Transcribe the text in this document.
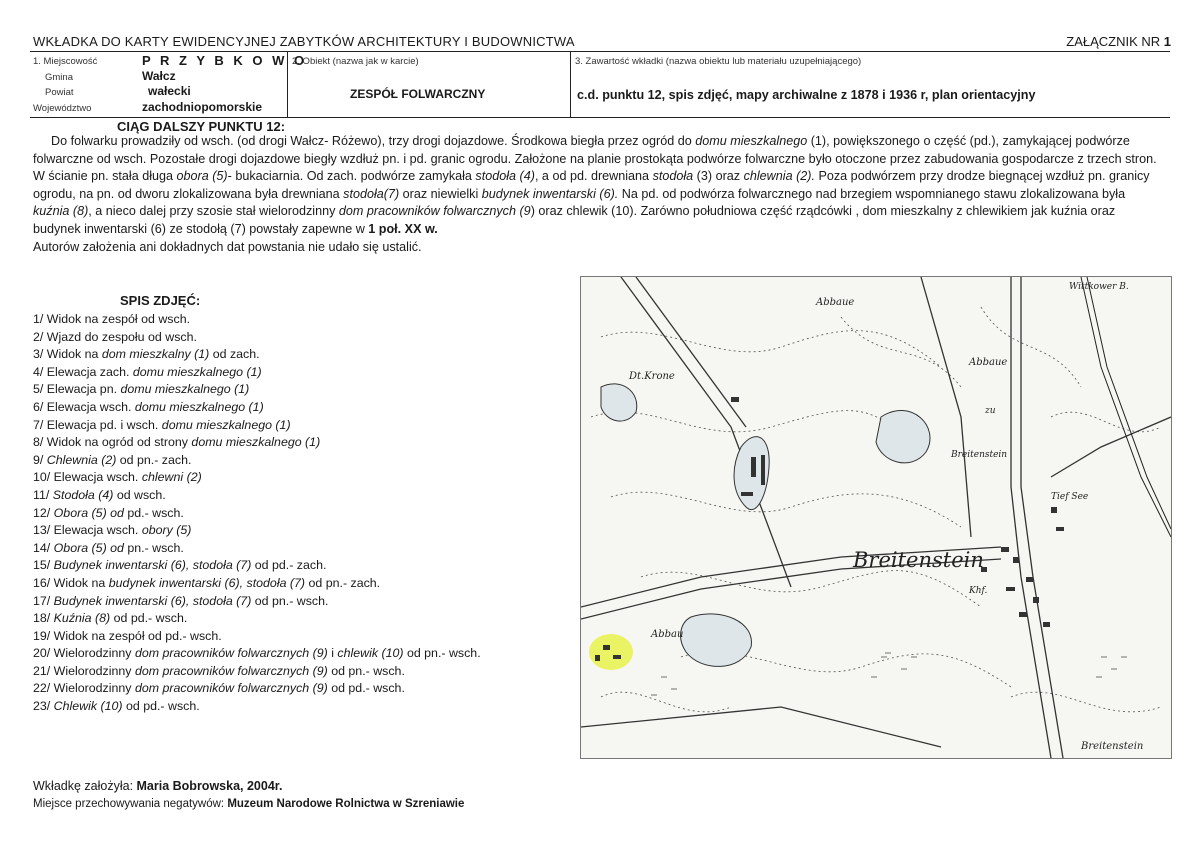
WKŁADKA DO KARTY EWIDENCYJNEJ ZABYTKÓW ARCHITEKTURY I BUDOWNICTWA	ZAŁĄCZNIK NR 1
1. Miejscowość	P R Z Y B K O W O
Gmina	Wałcz
Powiat	wałecki
Województwo	zachodniopomorskie
2. Obiekt (nazwa jak w karcie)
ZESPÓŁ FOLWARCZNY
3. Zawartość wkładki (nazwa obiektu lub materiału uzupełniającego)
c.d. punktu 12, spis zdjęć, mapy archiwalne z 1878 i 1936 r, plan orientacyjny
CIĄG DALSZY PUNKTU 12:
Do folwarku prowadziły od wsch. (od drogi Wałcz- Różewo), trzy drogi dojazdowe. Środkowa biegła przez ogród do domu mieszkalnego (1), powiększonego o część (pd.), zamykającej podwórze folwarczne od wsch. Pozostałe drogi dojazdowe biegły wzdłuż pn. i pd. granic ogrodu. Założone na planie prostokąta podwórze folwarczne było otoczone przez zabudowania gospodarcze z trzech stron. W ścianie pn. stała długa obora (5)- bukaciarnia. Od zach. podwórze zamykała stodoła (4), a od pd. drewniana stodoła (3) oraz chlewnia (2). Poza podwórzem przy drodze biegnącej wzdłuż pn. granicy ogrodu, na pn. od dworu zlokalizowana była drewniana stodoła(7) oraz niewielki budynek inwentarski (6). Na pd. od podwórza folwarcznego nad brzegiem wspomnianego stawu zlokalizowana była kuźnia (8), a nieco dalej przy szosie stał wielorodzinny dom pracowników folwarcznych (9) oraz chlewik (10). Zarówno południowa część rządcówki , dom mieszkalny z chlewikiem jak kuźnia oraz budynek inwentarski (6) ze stodołą (7) powstały zapewne w 1 poł. XX w.
Autorów założenia ani dokładnych dat powstania nie udało się ustalić.
SPIS ZDJĘĆ:
1/ Widok na zespół od wsch.
2/ Wjazd do zespołu od wsch.
3/ Widok na dom mieszkalny (1) od zach.
4/ Elewacja zach. domu mieszkalnego (1)
5/ Elewacja pn. domu mieszkalnego (1)
6/ Elewacja wsch. domu mieszkalnego (1)
7/ Elewacja pd. i wsch. domu mieszkalnego (1)
8/ Widok na ogród od strony domu mieszkalnego (1)
9/ Chlewnia (2) od pn.- zach.
10/ Elewacja wsch. chlewni (2)
11/ Stodoła (4) od wsch.
12/ Obora (5) od pd.- wsch.
13/ Elewacja wsch. obory (5)
14/ Obora (5) od pn.- wsch.
15/ Budynek inwentarski (6), stodoła (7) od pd.- zach.
16/ Widok na budynek inwentarski (6), stodoła (7) od pn.- zach.
17/ Budynek inwentarski (6), stodoła (7) od pn.- wsch.
18/ Kuźnia (8) od pd.- wsch.
19/ Widok na zespół od pd.- wsch.
20/ Wielorodzinny dom pracowników folwarcznych (9) i chlewik (10) od pn.- wsch.
21/ Wielorodzinny dom pracowników folwarcznych (9) od pn.- wsch.
22/ Wielorodzinny dom pracowników folwarcznych (9) od pd.- wsch.
23/ Chlewik (10) od pd.- wsch.
Breitenstein
Breitenstein
Dt.Krone
Abbaue
Abbaue
Abbau
Tief See
Khf.
zu
Breitenstein
Wittkower B.
Wkładkę założyła: Maria Bobrowska, 2004r.
Miejsce przechowywania negatywów: Muzeum Narodowe Rolnictwa w Szreniawie
